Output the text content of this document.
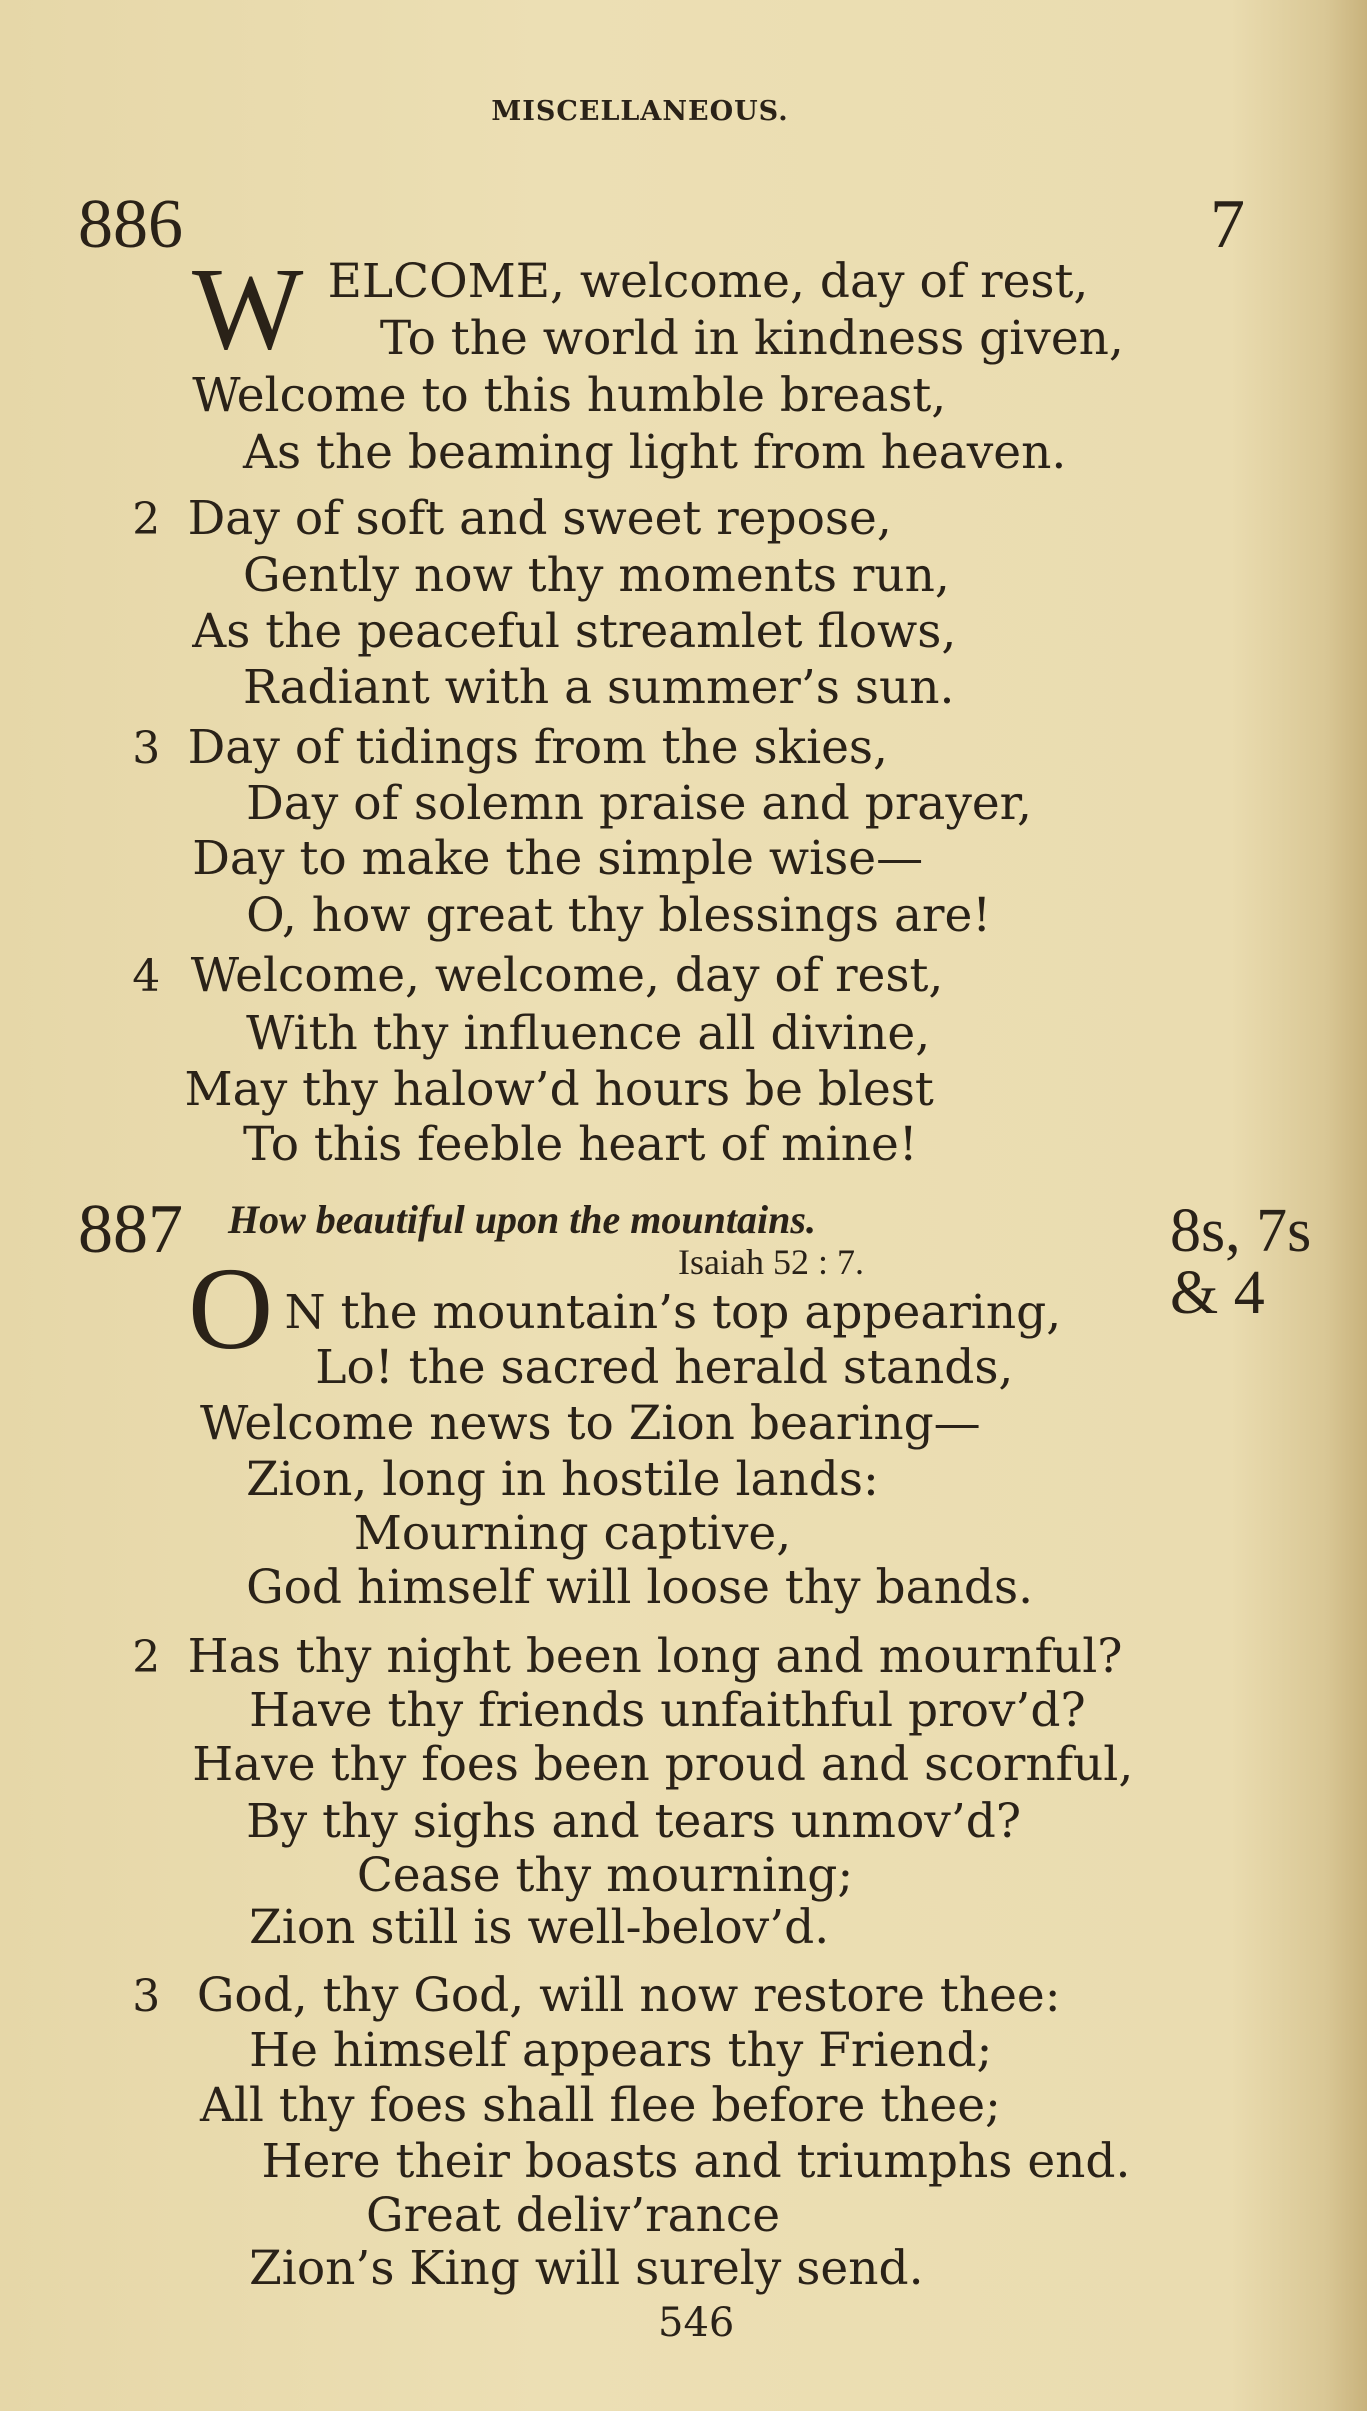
MISCELLANEOUS.
886	7
W
887 How beautiful upon the mountains.
Isaiah 52 : 7.	8s, 7s & 4
O
ELCOME, welcome, day of rest,
To the world in kindness given,
Welcome to this humble breast,
As the beaming light from heaven.
2 Day of soft and sweet repose,
Gently now thy moments run,
As the peaceful streamlet flows,
Radiant with a summer’s sun.
3 Day of tidings from the skies,
Day of solemn praise and prayer,
Day to make the simple wise—
O, how great thy blessings are!
4 Welcome, welcome, day of rest,
With thy influence all divine,
May thy halow’d hours be blest
To this feeble heart of mine!
N the mountain’s top appearing,
Lo! the sacred herald stands,
Welcome news to Zion bearing—
Zion, long in hostile lands:
Mourning captive,
God himself will loose thy bands.
2 Has thy night been long and mournful?
Have thy friends unfaithful prov’d?
Have thy foes been proud and scornful,
By thy sighs and tears unmov’d?
Cease thy mourning;
Zion still is well-belov’d.
3 God, thy God, will now restore thee:
He himself appears thy Friend;
All thy foes shall flee before thee;
Here their boasts and triumphs end.
Great deliv’rance
Zion’s King will surely send.
546
